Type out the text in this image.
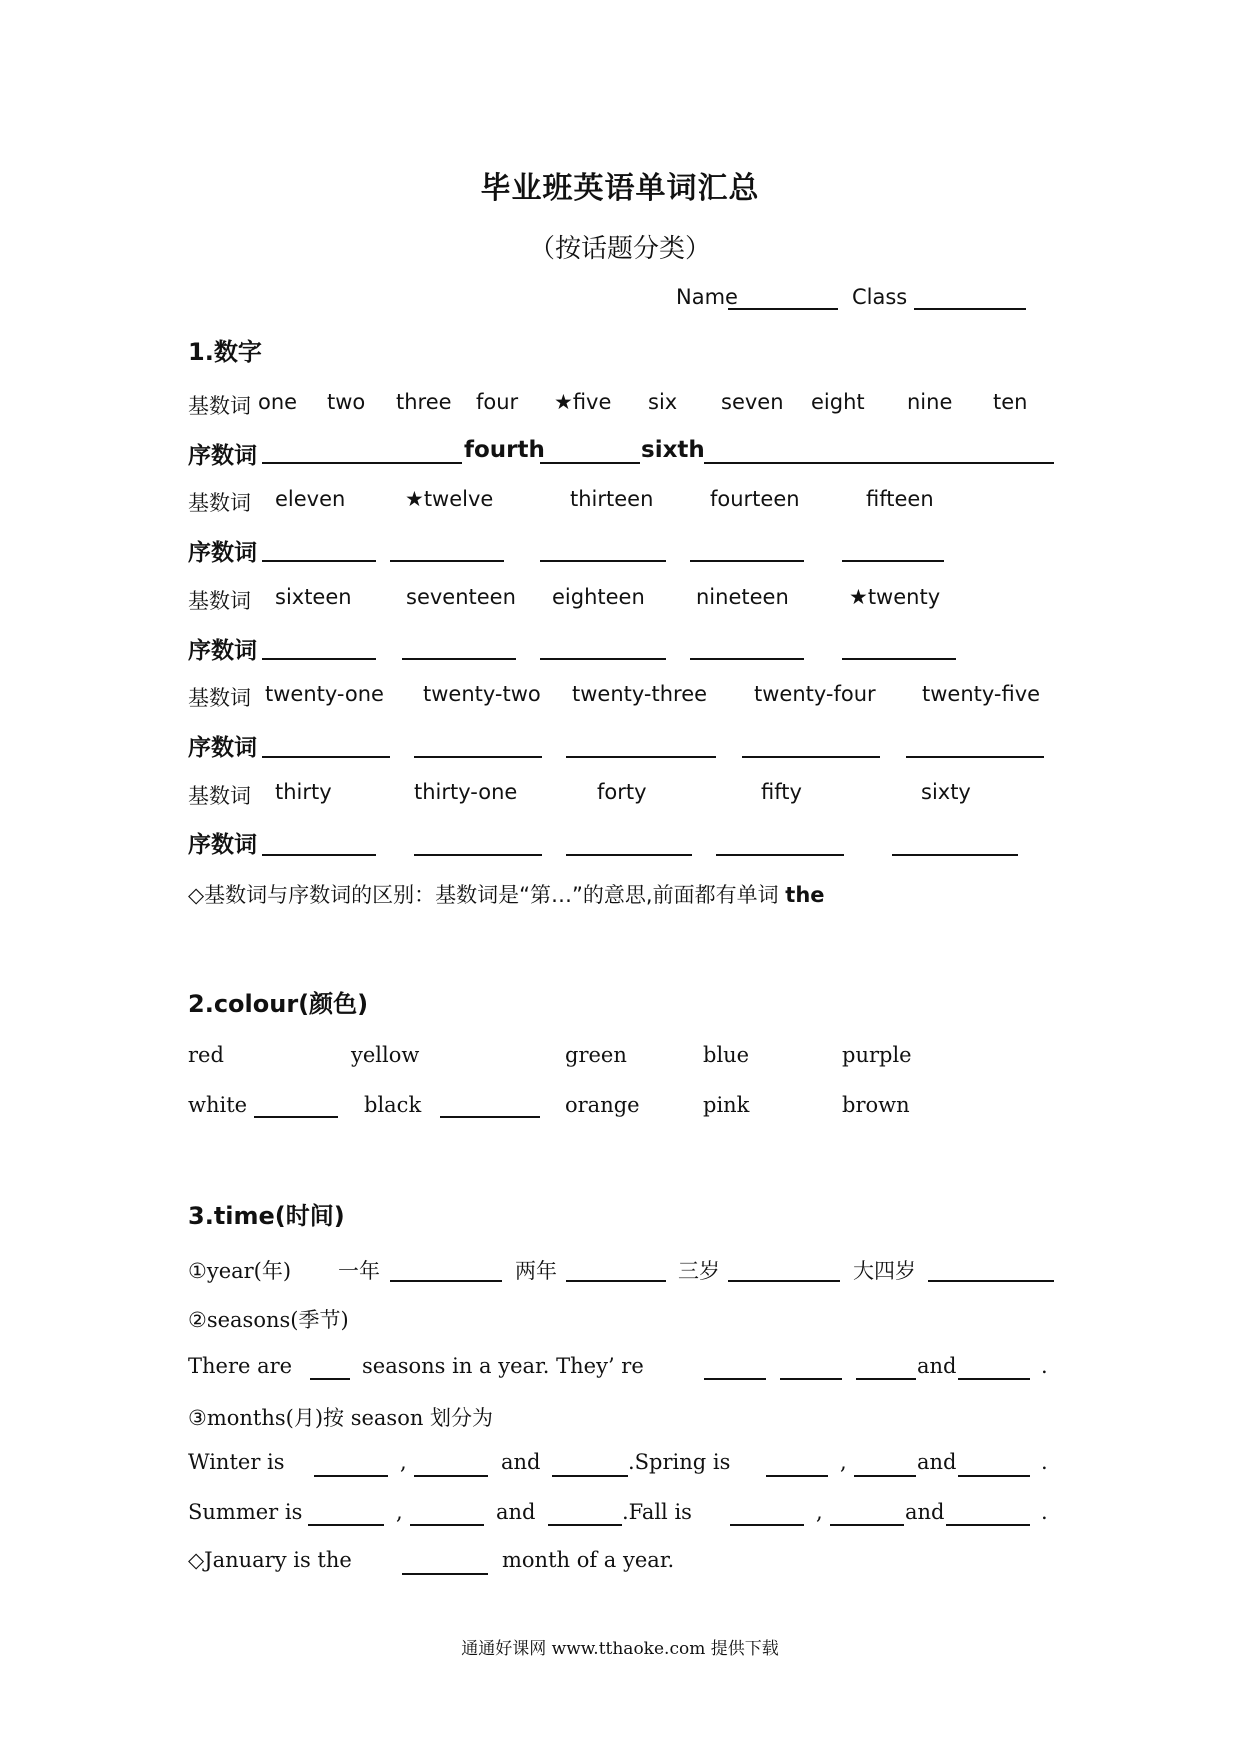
毕业班英语单词汇总
（按话题分类）
Name	Class
1.数字
基数词 one two three four ★five six seven eight nine ten
序数词	fourth	sixth
基数词 eleven	★twelve	thirteen	fourteen	fifteen
序数词
基数词 sixteen	seventeen eighteen nineteen	★twenty
序数词
基数词 twenty-one twenty-two twenty-three twenty-four twenty-five
序数词
基数词 thirty	thirty-one	forty	fifty	sixty
序数词
◇基数词与序数词的区别：基数词是“第…”的意思,前面都有单词 the
2.colour(颜色)
red	yellow	green	blue	purple
white	black	orange	pink	brown
3.time(时间)
①year(年) 一年	两年	三岁	大四岁
②seasons(季节)
There are	seasons in a year. They’ re	and	.
③months(月)按 season 划分为
Winter is	,	and	.Spring is	,	and	.
Summer is	,	and	.Fall is	,	and	.
◇January is the	month of a year.
通通好课网 www.tthaoke.com 提供下载
